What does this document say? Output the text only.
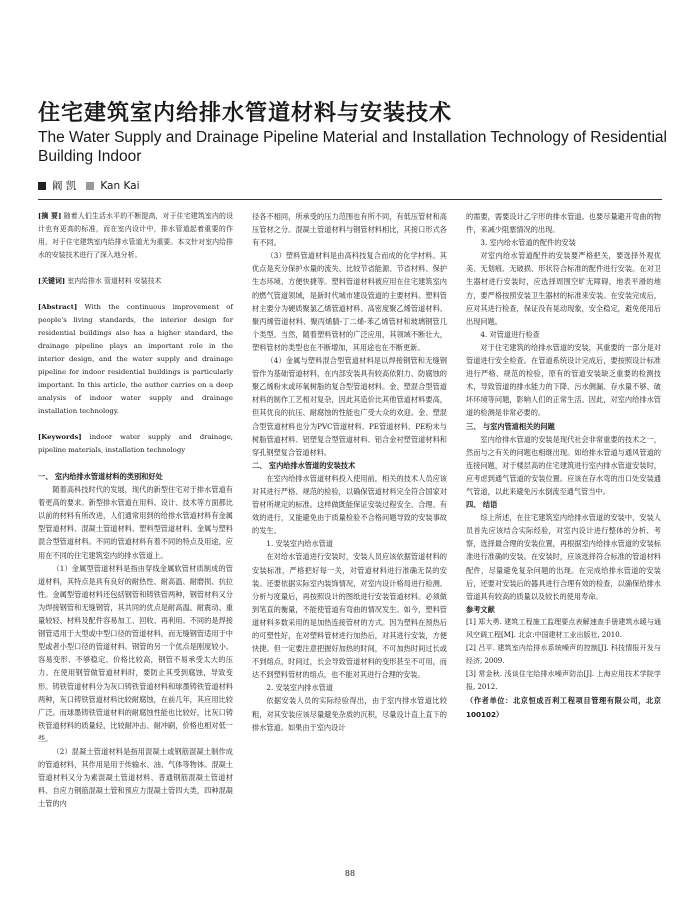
住宅建筑室内给排水管道材料与安装技术
The Water Supply and Drainage Pipeline Material and Installation Technology of Residential Building Indoor
阚 凯 Kan Kai

[摘 要] 随着人们生活水平的不断提高，对于住宅建筑室内的设计也有更高的标准，而在室内设计中，排水管道起着重要的作用，对于住宅建筑室内给排水管道尤为重要。本文针对室内给排水的安装技术进行了深入地分析。

[关键词] 室内给排水 管道材料 安装技术

[Abstract] With the continuous improvement of people's living standards, the interior design for residential buildings also has a higher standard, the drainage pipeline plays an important role in the interior design, and the water supply and drainage pipeline for indoor residential buildings is particularly important. In this article, the author carries on a deep analysis of indoor water supply and drainage installation technology.

[Keywords] indoor water supply and drainage, pipeline materials, installation technology

一、 室内给排水管道材料的类别和好处

随着高科技时代的发展，现代的新型住宅对于排水管道有着更高的要求。新型排水管道在用料、设计、技术等方面都比以前的材料有所改进，人们通常用到的给排水管道材料有金属型管道材料、混凝土管道材料、塑料型管道材料、金属与塑料混合型管道材料。不同的管道材料有着不同的特点及用途，应用在不同的住宅建筑室内的排水管道上。

（1）金属型管道材料是指由穿线金属软管材质制成的管道材料，其特点是具有良好的耐热性、耐高温、耐磨损、抗拉性。金属型管道材料还包括钢管和铸铁管两种，钢管材料又分为焊接钢管和无缝钢管，其共同的优点是耐高温、耐震动、重量较轻、材料及配件容易加工、回收、再利用。不同的是焊接钢管适用于大型或中型口径的管道材料，而无缝钢管适用于中型或者小型口径的管道材料。钢管的另一个优点是刚度较小、容易变形、不够稳定、价格比较高，钢管不易承受太大的压力。在使用钢管做管道材料时，要防止其受到腐蚀，导致变形。铸铁管道材料分为灰口铸铁管道材料和球墨铸铁管道材料两种，灰口铸铁管道材料比较耐腐蚀，在前几年，其应用比较广泛。而球墨铸铁管道材料的耐腐蚀性能也比较好，比灰口铸铁管道材料的质量轻，比较耐冲击、耐冲刷，价格也相对低一些。

（2）混凝土管道材料是指用混凝土或钢筋混凝土制作成的管道材料，其作用是用于传输水、油、气体等物体。混凝土管道材料又分为素混凝土管道材料、普通钢筋混凝土管道材料、自应力钢筋混凝土管和预应力混凝土管四大类，四种混凝土管的内

径各不相同，所承受的压力范围也有所不同，有低压管材和高压管材之分。混凝土管道材料与钢管材料相比，其接口形式各有不同。

（3）塑料管道材料是由高科技复合而成的化学材料。其优点是充分保护水量的流失、比较节省能源、节省材料、保护生态环境、方便快捷等。塑料管道材料被应用在住宅建筑室内的燃气管道领域，是新时代城市建设管道的主要材料。塑料管材主要分为硬质聚氯乙烯管道材料、高密度聚乙烯管道材料、聚丙烯管道材料、聚丙烯腈-丁二烯-苯乙烯管材和玻璃钢管几个类型。当然，随着塑料管材的广泛应用，其领域不断壮大，塑料管材的类型也在不断增加，其用途也在不断更新。

（4）金属与塑料混合型管道材料是以焊接钢管和无缝钢管作为基础管道材料，在内部安装具有较高依附力、防腐蚀的聚乙烯粉末或环氧树脂的复合型管道材料。金、塑混合型管道材料的制作工艺相对复杂，因此其造价比其他管道材料要高，但其优良的抗压、耐腐蚀的性能也广受大众的欢迎。金、塑混合型管道材料也分为PVC管道材料、PE管道材料、PE粉末与树脂管道材料、铝塑复合型管道材料、铝合金衬塑管道材料和穿孔钢塑复合管道材料。

二、 室内给排水管道的安装技术

在室内给排水管道材料投入使用前，相关的技术人员应该对其进行严格、规范的检验，以确保管道材料完全符合国家对管材所规定的标准。这样做既能保证安装过程安全、合理、有效的进行，又能避免由于质量检验不合格问题导致的安装事故的发生。

1. 安装室内给水管道

在对给水管道进行安装时，安装人员应该依据管道材料的安装标准，严格把好每一关，对管道材料进行准确无误的安装。还要依据实际室内装饰情况，对室内设计格局进行检测、分析与度量后，再按照设计的图纸进行安装管道材料。必须做到笔直的衡量，不能使管道有弯曲的情况发生。如今，塑料管道材料多数采用的是加热连接管材的方式。因为塑料在预热后的可塑性好，在对塑料管材进行加热后，对其进行安装，方便快捷。但一定要注意把握好加热的时间，不可加热时间过长或不到熔点，时间过，长会导致管道材料的变形甚至不可用，而达不到塑料管材的熔点，也不能对其进行合理的安装。

2. 安装室内排水管道

依据安装人员的实际经验得出，由于室内排水管道比较粗，对其安装应该尽量避免杂质的沉积，尽量设计直上直下的排水管道。如果由于室内设计

的需要，需要设计乙字形的排水管道。也要尽量避开弯曲的物件，来减少阻塞情况的出现。

3. 室内给水管道的配件的安装

对室内给水管道配件的安装要严格把关，要选择外观优美、无划痕、无破损、形状符合标准的配件进行安装。在对卫生器材进行安装时，应选择周围空旷无障碍，地表平滑的地方，要严格按照安装卫生器材的标准来安装。在安装完成后，应对其进行检查，保证没有晃动现象，安全稳定，避免使用后出现问题。

4. 对管道进行检查

对于住宅建筑的给排水管道的安装，其重要的一部分是对管道进行安全检查。在管道系统设计完成后，要按照设计标准进行严格、规范的检验，原有的管道安装缺乏重要的检测技术，导致管道的排水能力的下降、污水侧漏、存水量不够、破坏环境等问题，影响人们的正常生活。因此，对室内给排水管道的检测是非常必要的。

三、 与室内管道相关的问题

室内给排水管道的安装是现代社会非常重要的技术之一，然而与之有关的问题也相继出现。如给排水管道与通风管道的连接问题，对于楼层高的住宅建筑进行室内排水管道安装时，应考虑到通气管道的安装位置。应该在存水弯的出口处安装通气管道，以此来避免污水倒流至通气管当中。

四、 结语

综上所述，在住宅建筑室内给排水管道的安装中，安装人员首先应该结合实际经验，对室内设计进行整体的分析、考察，选择最合理的安装位置，再根据室内给排水管道的安装标准进行准确的安装。在安装时，应该选择符合标准的管道材料配件，尽量避免复杂问题的出现。在完成给排水管道的安装后，还要对安装后的器具进行合理有效的检查，以确保给排水管道具有较高的质量以及较长的使用寿命。

参考文献

[1] 郑大勇. 建筑工程施工监理要点表解速查手册建筑水暖与通风空调工程[M]. 北京:中国建材工业出版社, 2010.

[2] 吕平. 建筑室内给排水系统噪声的控制[J]. 科技情报开发与经济, 2009.

[3] 常金秋. 浅谈住宅给排水噪声防治[J]. 上海应用技术学院学报, 2012.

（作者单位：北京恒成百利工程项目管理有限公司，北京 100102）

88
